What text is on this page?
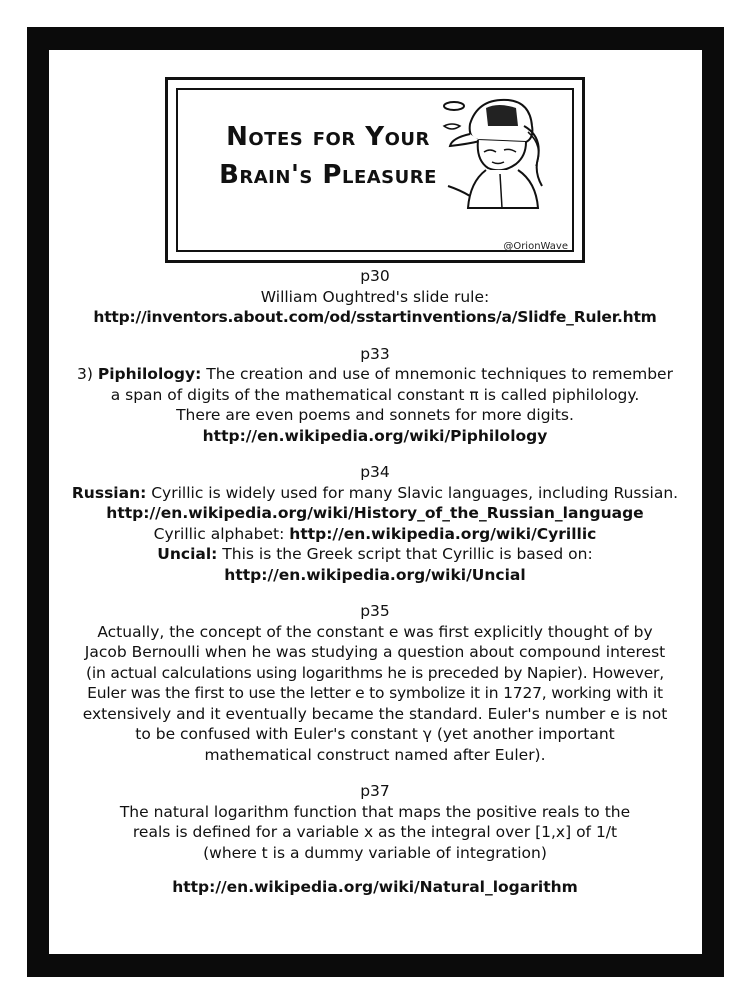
Notes for Your
Brain's Pleasure
@OrionWave
p30
William Oughtred's slide rule:
http://inventors.about.com/od/sstartinventions/a/Slidfe_Ruler.htm
p33
3) Piphilology: The creation and use of mnemonic techniques to remember
a span of digits of the mathematical constant π is called piphilology.
There are even poems and sonnets for more digits.
http://en.wikipedia.org/wiki/Piphilology
p34
Russian: Cyrillic is widely used for many Slavic languages, including Russian.
http://en.wikipedia.org/wiki/History_of_the_Russian_language
Cyrillic alphabet: http://en.wikipedia.org/wiki/Cyrillic
Uncial: This is the Greek script that Cyrillic is based on:
http://en.wikipedia.org/wiki/Uncial
p35
Actually, the concept of the constant e was first explicitly thought of by
Jacob Bernoulli when he was studying a question about compound interest
(in actual calculations using logarithms he is preceded by Napier). However,
Euler was the first to use the letter e to symbolize it in 1727, working with it
extensively and it eventually became the standard. Euler's number e is not
to be confused with Euler's constant γ (yet another important
mathematical construct named after Euler).
p37
The natural logarithm function that maps the positive reals to the
reals is defined for a variable x as the integral over [1,x] of 1/t
(where t is a dummy variable of integration)
http://en.wikipedia.org/wiki/Natural_logarithm
